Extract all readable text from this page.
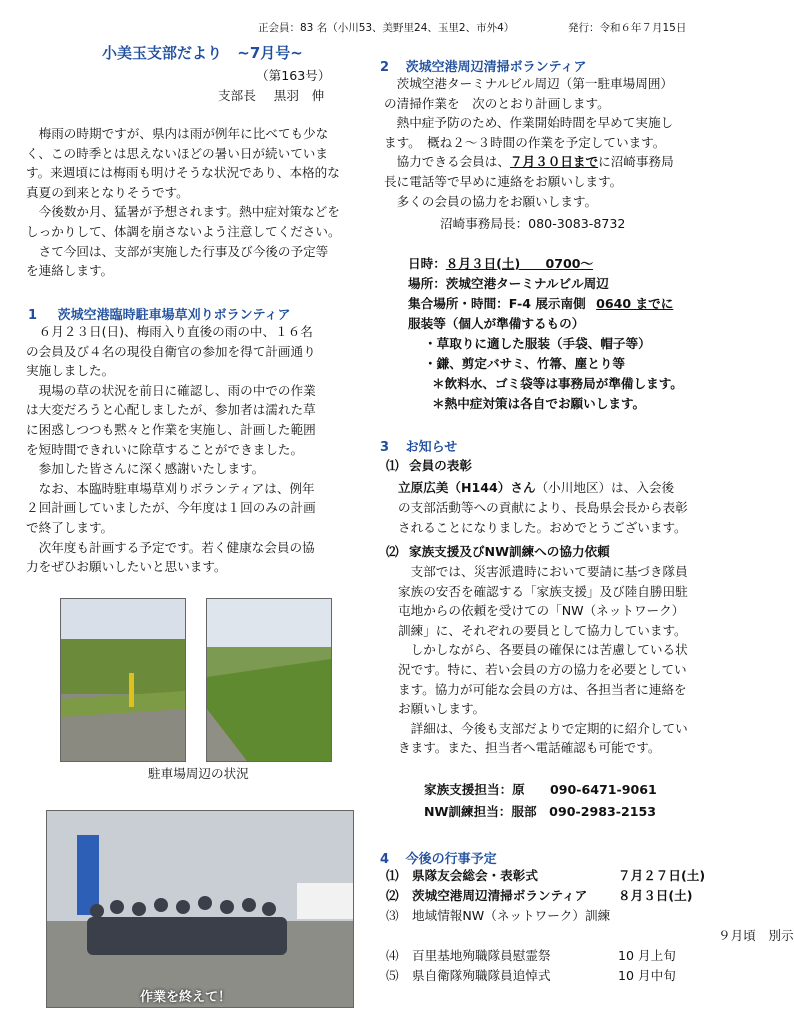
正会員：83 名（小川53、美野里24、玉里2、市外4）	発行：令和６年７月15日
小美玉支部だより ~7月号~
（第163号）
支部長 黒羽　伸
　梅雨の時期ですが、県内は雨が例年に比べても少な
く、この時季とは思えないほどの暑い日が続いていま
す。来週頃には梅雨も明けそうな状況であり、本格的な
真夏の到来となりそうです。
　今後数か月、猛暑が予想されます。熱中症対策などを
しっかりして、体調を崩さないよう注意してください。
　さて今回は、支部が実施した行事及び今後の予定等
を連絡します。
1 茨城空港臨時駐車場草刈りボランティア
　６月２３日(日)、梅雨入り直後の雨の中、１６名
の会員及び４名の現役自衛官の参加を得て計画通り
実施しました。
　現場の草の状況を前日に確認し、雨の中での作業
は大変だろうと心配しましたが、参加者は濡れた草
に困惑しつつも黙々と作業を実施し、計画した範囲
を短時間できれいに除草することができました。
　参加した皆さんに深く感謝いたします。
　なお、本臨時駐車場草刈りボランティアは、例年
２回計画していましたが、今年度は１回のみの計画
で終了します。
　次年度も計画する予定です。若く健康な会員の協
力をぜひお願いしたいと思います。
駐車場周辺の状況
作業を終えて！
2 茨城空港周辺清掃ボランティア
　茨城空港ターミナルビル周辺（第一駐車場周囲）
の清掃作業を　次のとおり計画します。
　熱中症予防のため、作業開始時間を早めて実施し
ます。　概ね２～３時間の作業を予定しています。
　協力できる会員は、７月３０日までに沼崎事務局
長に電話等で早めに連絡をお願いします。
　多くの会員の協力をお願いします。
沼崎事務局長：080-3083-8732
日時：８月３日(土)　　0700～
場所：茨城空港ターミナルビル周辺
集合場所・時間：F-4 展示南側 0640 までに
服装等（個人が準備するもの）
・草取りに適した服装（手袋、帽子等）
・鎌、剪定バサミ、竹箒、塵とり等
＊飲料水、ゴミ袋等は事務局が準備します。
＊熱中症対策は各自でお願いします。
3 お知らせ
⑴ 会員の表彰
立原広美（H144）さん（小川地区）は、入会後
の支部活動等への貢献により、長島県会長から表彰
されることになりました。おめでとうございます。
⑵ 家族支援及びNW訓練への協力依頼
　支部では、災害派遣時において要請に基づき隊員
家族の安否を確認する「家族支援」及び陸自勝田駐
屯地からの依頼を受けての「NW（ネットワーク）
訓練」に、それぞれの要員として協力しています。
　しかしながら、各要員の確保には苦慮している状
況です。特に、若い会員の方の協力を必要としてい
ます。協力が可能な会員の方は、各担当者に連絡を
お願いします。
　詳細は、今後も支部だよりで定期的に紹介してい
きます。また、担当者へ電話確認も可能です。
家族支援担当：原　　090-6471-9061
NW訓練担当：服部　090-2983-2153
4 今後の行事予定
⑴	県隊友会総会・表彰式	７月２７日(土)
⑵	茨城空港周辺清掃ボランティア	８月３日(土)
⑶	地域情報NW（ネットワーク）訓練
９月頃　別示
⑷	百里基地殉職隊員慰霊祭	10 月上旬
⑸	県自衛隊殉職隊員追悼式	10 月中旬
